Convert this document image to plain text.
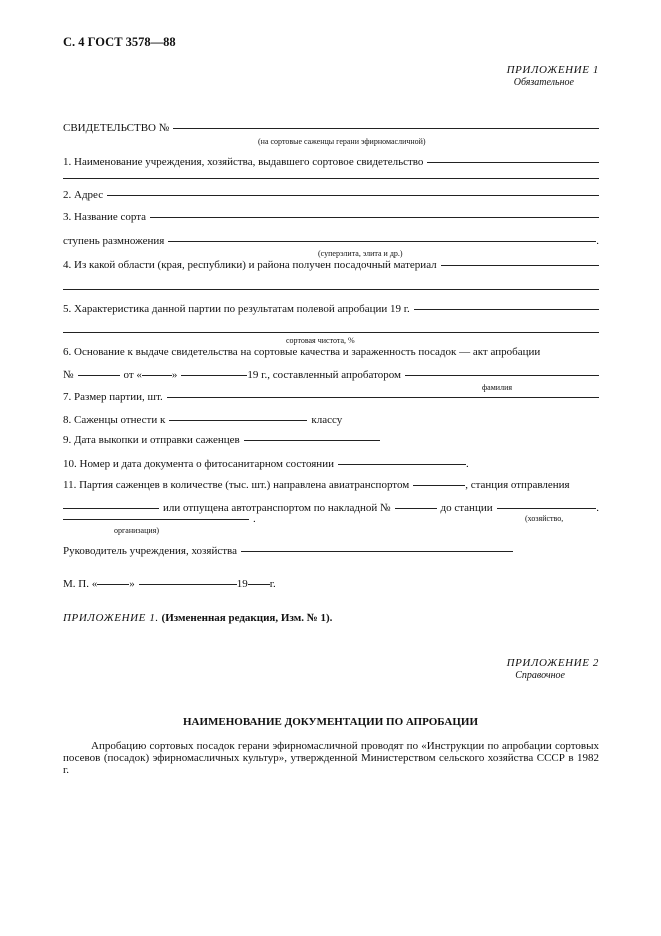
С. 4 ГОСТ 3578—88
ПРИЛОЖЕНИЕ 1
Обязательное
СВИДЕТЕЛЬСТВО №
(на сортовые саженцы герани эфирномасличной)
1. Наименование учреждения, хозяйства, выдавшего сортовое свидетельство
2. Адрес
3. Название сорта
ступень размножения	.
(суперэлита, элита и др.)
4. Из какой области (края, республики) и района получен посадочный материал
5. Характеристика данной партии по результатам полевой апробации 19 г.
сортовая чистота, %
6. Основание к выдаче свидетельства на сортовые качества и зараженность посадок — акт апробации
№	от «	»	19 г., составленный апробатором
фамилия
7. Размер партии, шт.
8. Саженцы отнести к	классу
9. Дата выкопки и отправки саженцев
10. Номер и дата документа о фитосанитарном состоянии	.
11. Партия саженцев в количестве (тыс. шт.) направлена авиатранспортом	, станция отправления
или отпущена автотранспортом по накладной №	до станции	.
.	(хозяйство,
организация)
Руководитель учреждения, хозяйства
М. П. «	»	19 г.
ПРИЛОЖЕНИЕ 1. (Измененная редакция, Изм. № 1).
ПРИЛОЖЕНИЕ 2
Справочное
НАИМЕНОВАНИЕ ДОКУМЕНТАЦИИ ПО АПРОБАЦИИ
Апробацию сортовых посадок герани эфирномасличной проводят по «Инструкции по апробации сортовых посевов (посадок) эфирномасличных культур», утвержденной Министерством сельского хозяйства СССР в 1982 г.
